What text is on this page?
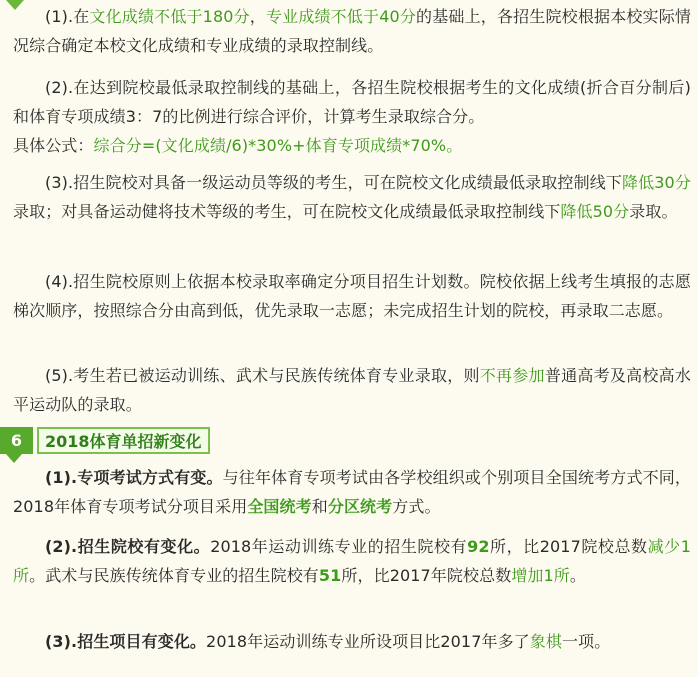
(1).在文化成绩不低于180分，专业成绩不低于40分的基础上，各招生院校根据本校实际情况综合确定本校文化成绩和专业成绩的录取控制线。

(2).在达到院校最低录取控制线的基础上，各招生院校根据考生的文化成绩(折合百分制后)和体育专项成绩3：7的比例进行综合评价，计算考生录取综合分。

具体公式：综合分=(文化成绩/6)*30%+体育专项成绩*70%。

(3).招生院校对具备一级运动员等级的考生，可在院校文化成绩最低录取控制线下降低30分录取；对具备运动健将技术等级的考生，可在院校文化成绩最低录取控制线下降低50分录取。

(4).招生院校原则上依据本校录取率确定分项目招生计划数。院校依据上线考生填报的志愿梯次顺序，按照综合分由高到低，优先录取一志愿；未完成招生计划的院校，再录取二志愿。

(5).考生若已被运动训练、武术与民族传统体育专业录取，则不再参加普通高考及高校高水平运动队的录取。

6 2018体育单招新变化

(1).专项考试方式有变。与往年体育专项考试由各学校组织或个别项目全国统考方式不同，2018年体育专项考试分项目采用全国统考和分区统考方式。

(2).招生院校有变化。2018年运动训练专业的招生院校有92所，比2017院校总数减少1所。武术与民族传统体育专业的招生院校有51所，比2017年院校总数增加1所。

(3).招生项目有变化。2018年运动训练专业所设项目比2017年多了象棋一项。
